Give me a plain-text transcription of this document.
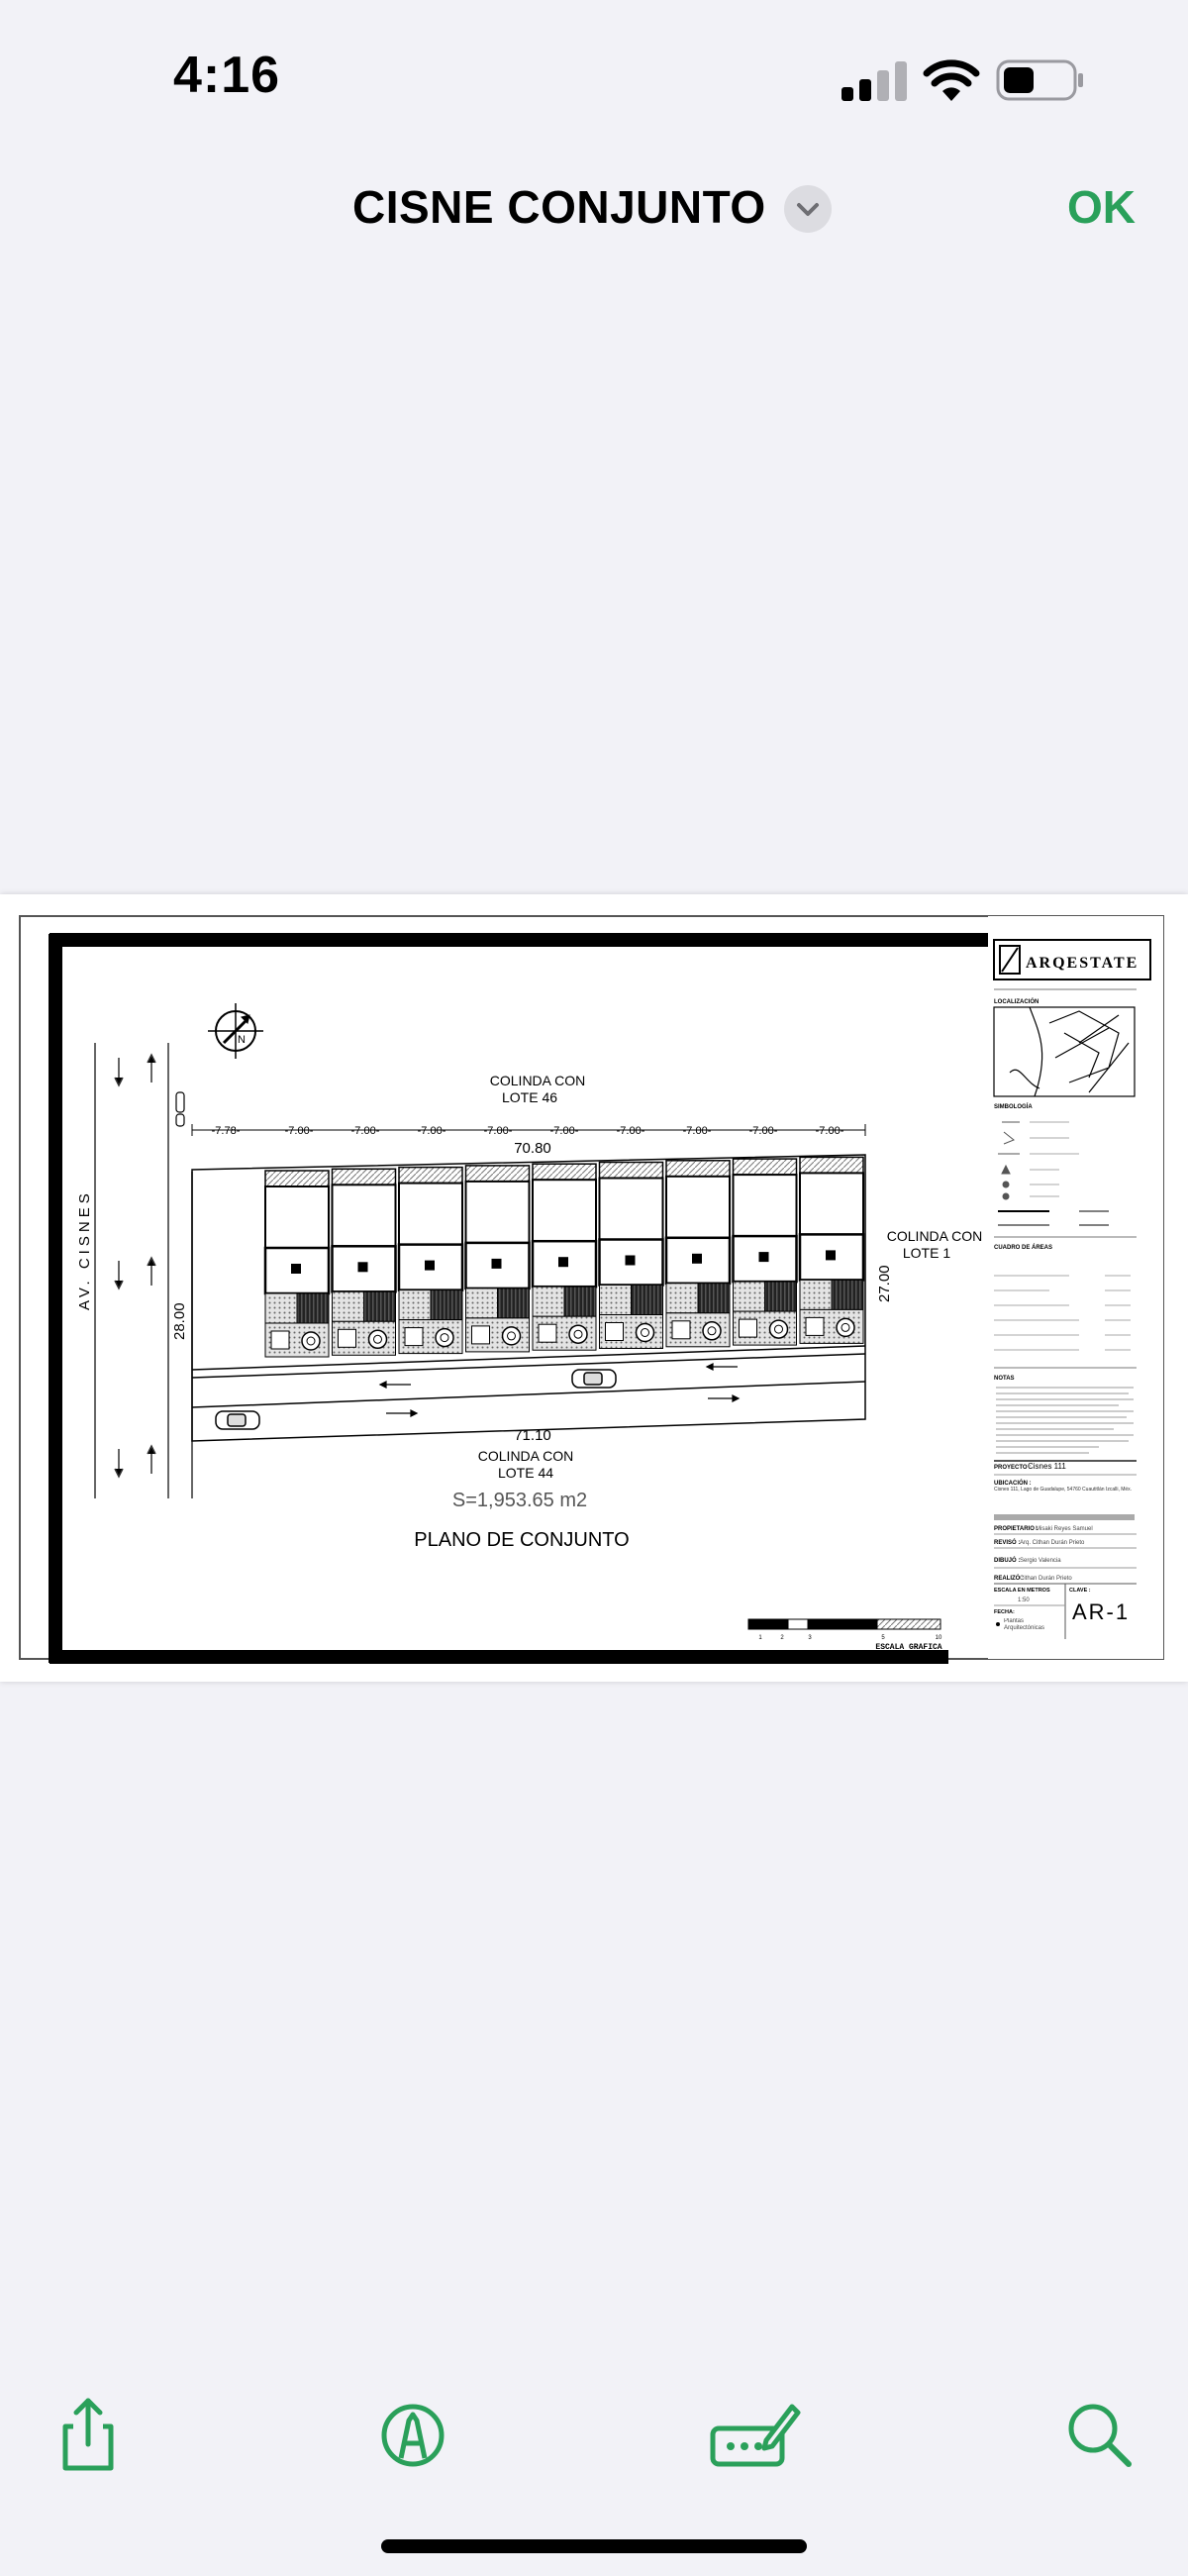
4:16
CISNE CONJUNTO	OK
AV. CISNES
N
-7.78-	-7.00-	-7.00-	-7.00-	-7.00-	-7.00-	-7.00-	-7.00-	-7.00-	-7.00-
28.00
27.00
COLINDA CON LOTE 46
70.80
COLINDA CON LOTE 1
71.10
COLINDA CON LOTE 44
S=1,953.65 m2
PLANO DE CONJUNTO
1	2	3	5	10
ESCALA GRAFICA
ARQESTATE
LOCALIZACIÓN
SIMBOLOGÍA
CUADRO DE ÁREAS
NOTAS
PROYECTO :
Cisnes 111
UBICACIÓN :
Cisnes 111, Lago de Guadalupe, 54760 Cuautitlán Izcalli, Méx.
PROPIETARIO :
Misaki Reyes Samuel
REVISÓ : Arq. Cithan Durán Prieto
DIBUJÓ : Sergio Valencia
REALIZÓ :
Cithan Durán Prieto
ESCALA EN METROS
1:50
CLAVE :
AR-1
FECHA:
Plantas Arquitectónicas
